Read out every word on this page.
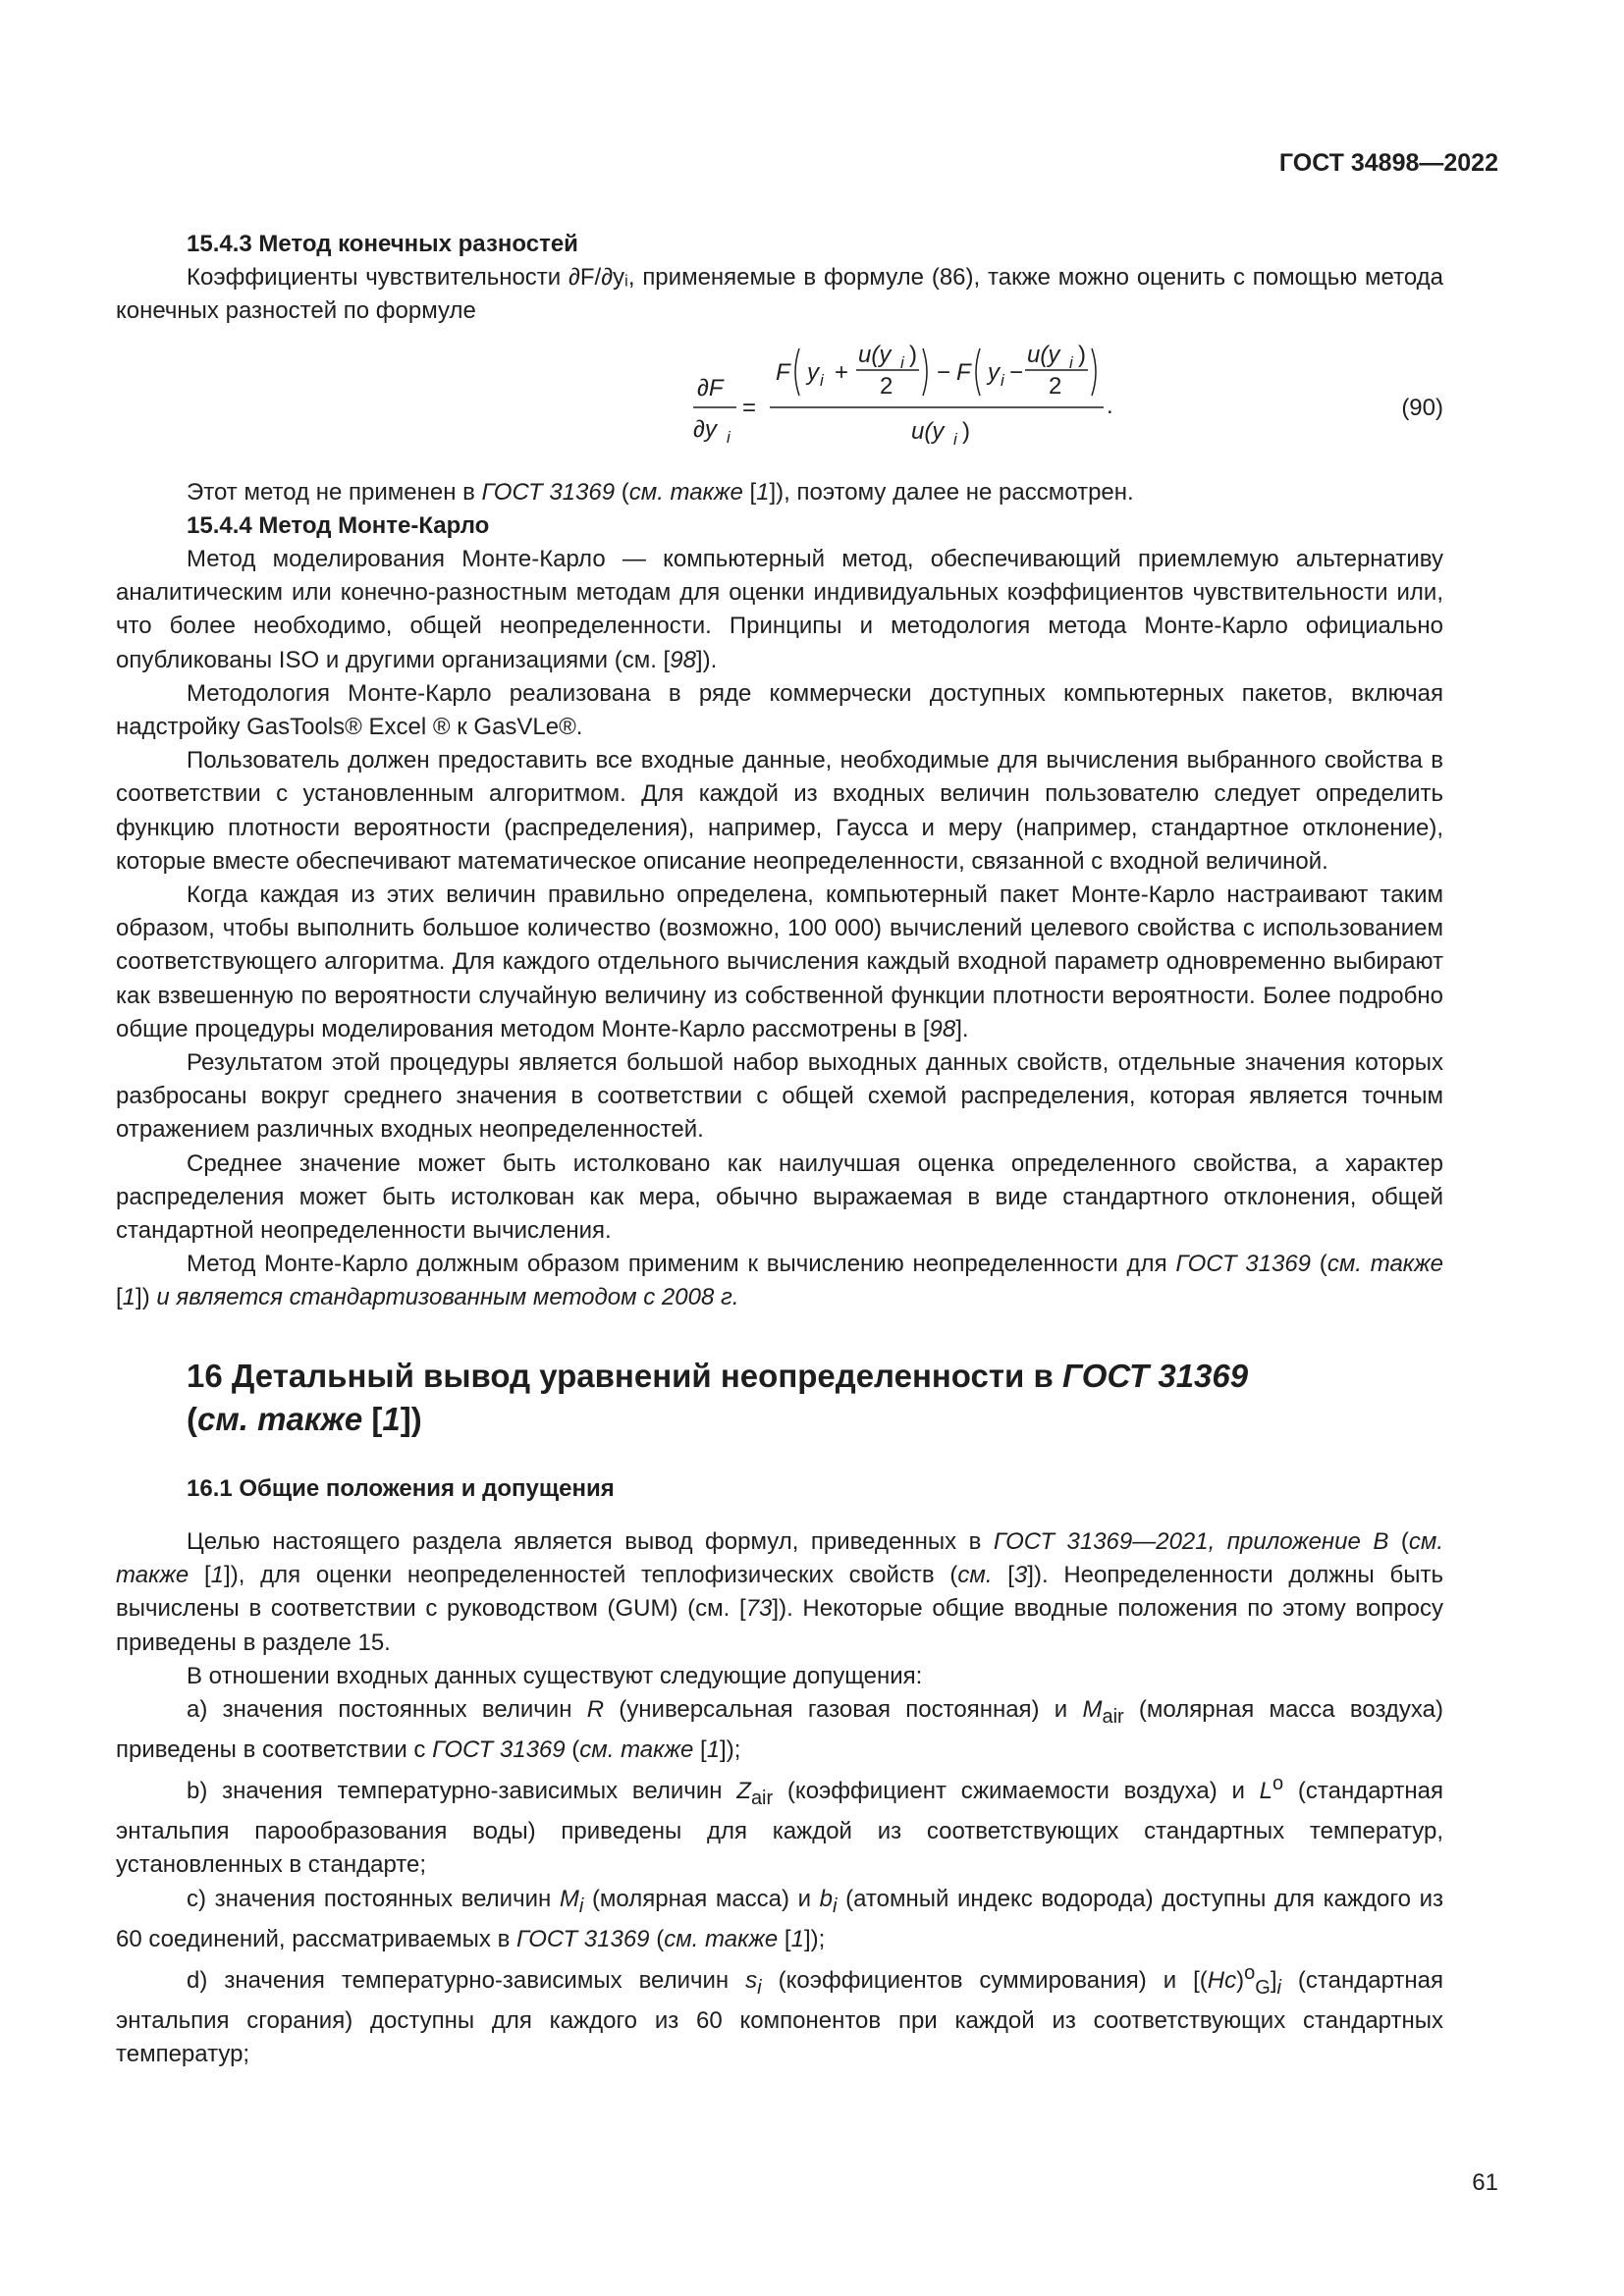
ГОСТ 34898—2022

15.4.3 Метод конечных разностей

Коэффициенты чувствительности ∂F/∂yᵢ, применяемые в формуле (86), также можно оценить с помощью метода конечных разностей по формуле

∂F
∂y i
=
F y i +
u(y i )
2
− F y i −
u(y i )
2
.
u(y i )
(90)

Этот метод не применен в ГОСТ 31369 (см. также [1]), поэтому далее не рассмотрен.

15.4.4 Метод Монте-Карло

Метод моделирования Монте-Карло — компьютерный метод, обеспечивающий приемлемую альтернативу аналитическим или конечно-разностным методам для оценки индивидуальных коэффициентов чувствительности или, что более необходимо, общей неопределенности. Принципы и методология метода Монте-Карло официально опубликованы ISO и другими организациями (см. [98]).

Методология Монте-Карло реализована в ряде коммерчески доступных компьютерных пакетов, включая надстройку GasTools® Excel ® к GasVLe®.

Пользователь должен предоставить все входные данные, необходимые для вычисления выбранного свойства в соответствии с установленным алгоритмом. Для каждой из входных величин пользователю следует определить функцию плотности вероятности (распределения), например, Гаусса и меру (например, стандартное отклонение), которые вместе обеспечивают математическое описание неопределенности, связанной с входной величиной.

Когда каждая из этих величин правильно определена, компьютерный пакет Монте-Карло настраивают таким образом, чтобы выполнить большое количество (возможно, 100 000) вычислений целевого свойства с использованием соответствующего алгоритма. Для каждого отдельного вычисления каждый входной параметр одновременно выбирают как взвешенную по вероятности случайную величину из собственной функции плотности вероятности. Более подробно общие процедуры моделирования методом Монте-Карло рассмотрены в [98].

Результатом этой процедуры является большой набор выходных данных свойств, отдельные значения которых разбросаны вокруг среднего значения в соответствии с общей схемой распределения, которая является точным отражением различных входных неопределенностей.

Среднее значение может быть истолковано как наилучшая оценка определенного свойства, а характер распределения может быть истолкован как мера, обычно выражаемая в виде стандартного отклонения, общей стандартной неопределенности вычисления.

Метод Монте-Карло должным образом применим к вычислению неопределенности для ГОСТ 31369 (см. также [1]) и является стандартизованным методом с 2008 г.

16 Детальный вывод уравнений неопределенности в ГОСТ 31369
(см. также [1])

16.1 Общие положения и допущения

Целью настоящего раздела является вывод формул, приведенных в ГОСТ 31369—2021, приложение В (см. также [1]), для оценки неопределенностей теплофизических свойств (см. [3]). Неопределенности должны быть вычислены в соответствии с руководством (GUM) (см. [73]). Некоторые общие вводные положения по этому вопросу приведены в разделе 15.

В отношении входных данных существуют следующие допущения:

a) значения постоянных величин R (универсальная газовая постоянная) и $M_{air}$ (молярная масса воздуха) приведены в соответствии с ГОСТ 31369 (см. также [1]);

b) значения температурно-зависимых величин $Z_{air}$ (коэффициент сжимаемости воздуха) и $L^o$ (стандартная энтальпия парообразования воды) приведены для каждой из соответствующих стандартных температур, установленных в стандарте;

c) значения постоянных величин $M_i$ (молярная масса) и $b_i$ (атомный индекс водорода) доступны для каждого из 60 соединений, рассматриваемых в ГОСТ 31369 (см. также [1]);

d) значения температурно-зависимых величин $s_i$ (коэффициентов суммирования) и $[(Hc)^o_G]_i$ (стандартная энтальпия сгорания) доступны для каждого из 60 компонентов при каждой из соответствующих стандартных температур;

61
